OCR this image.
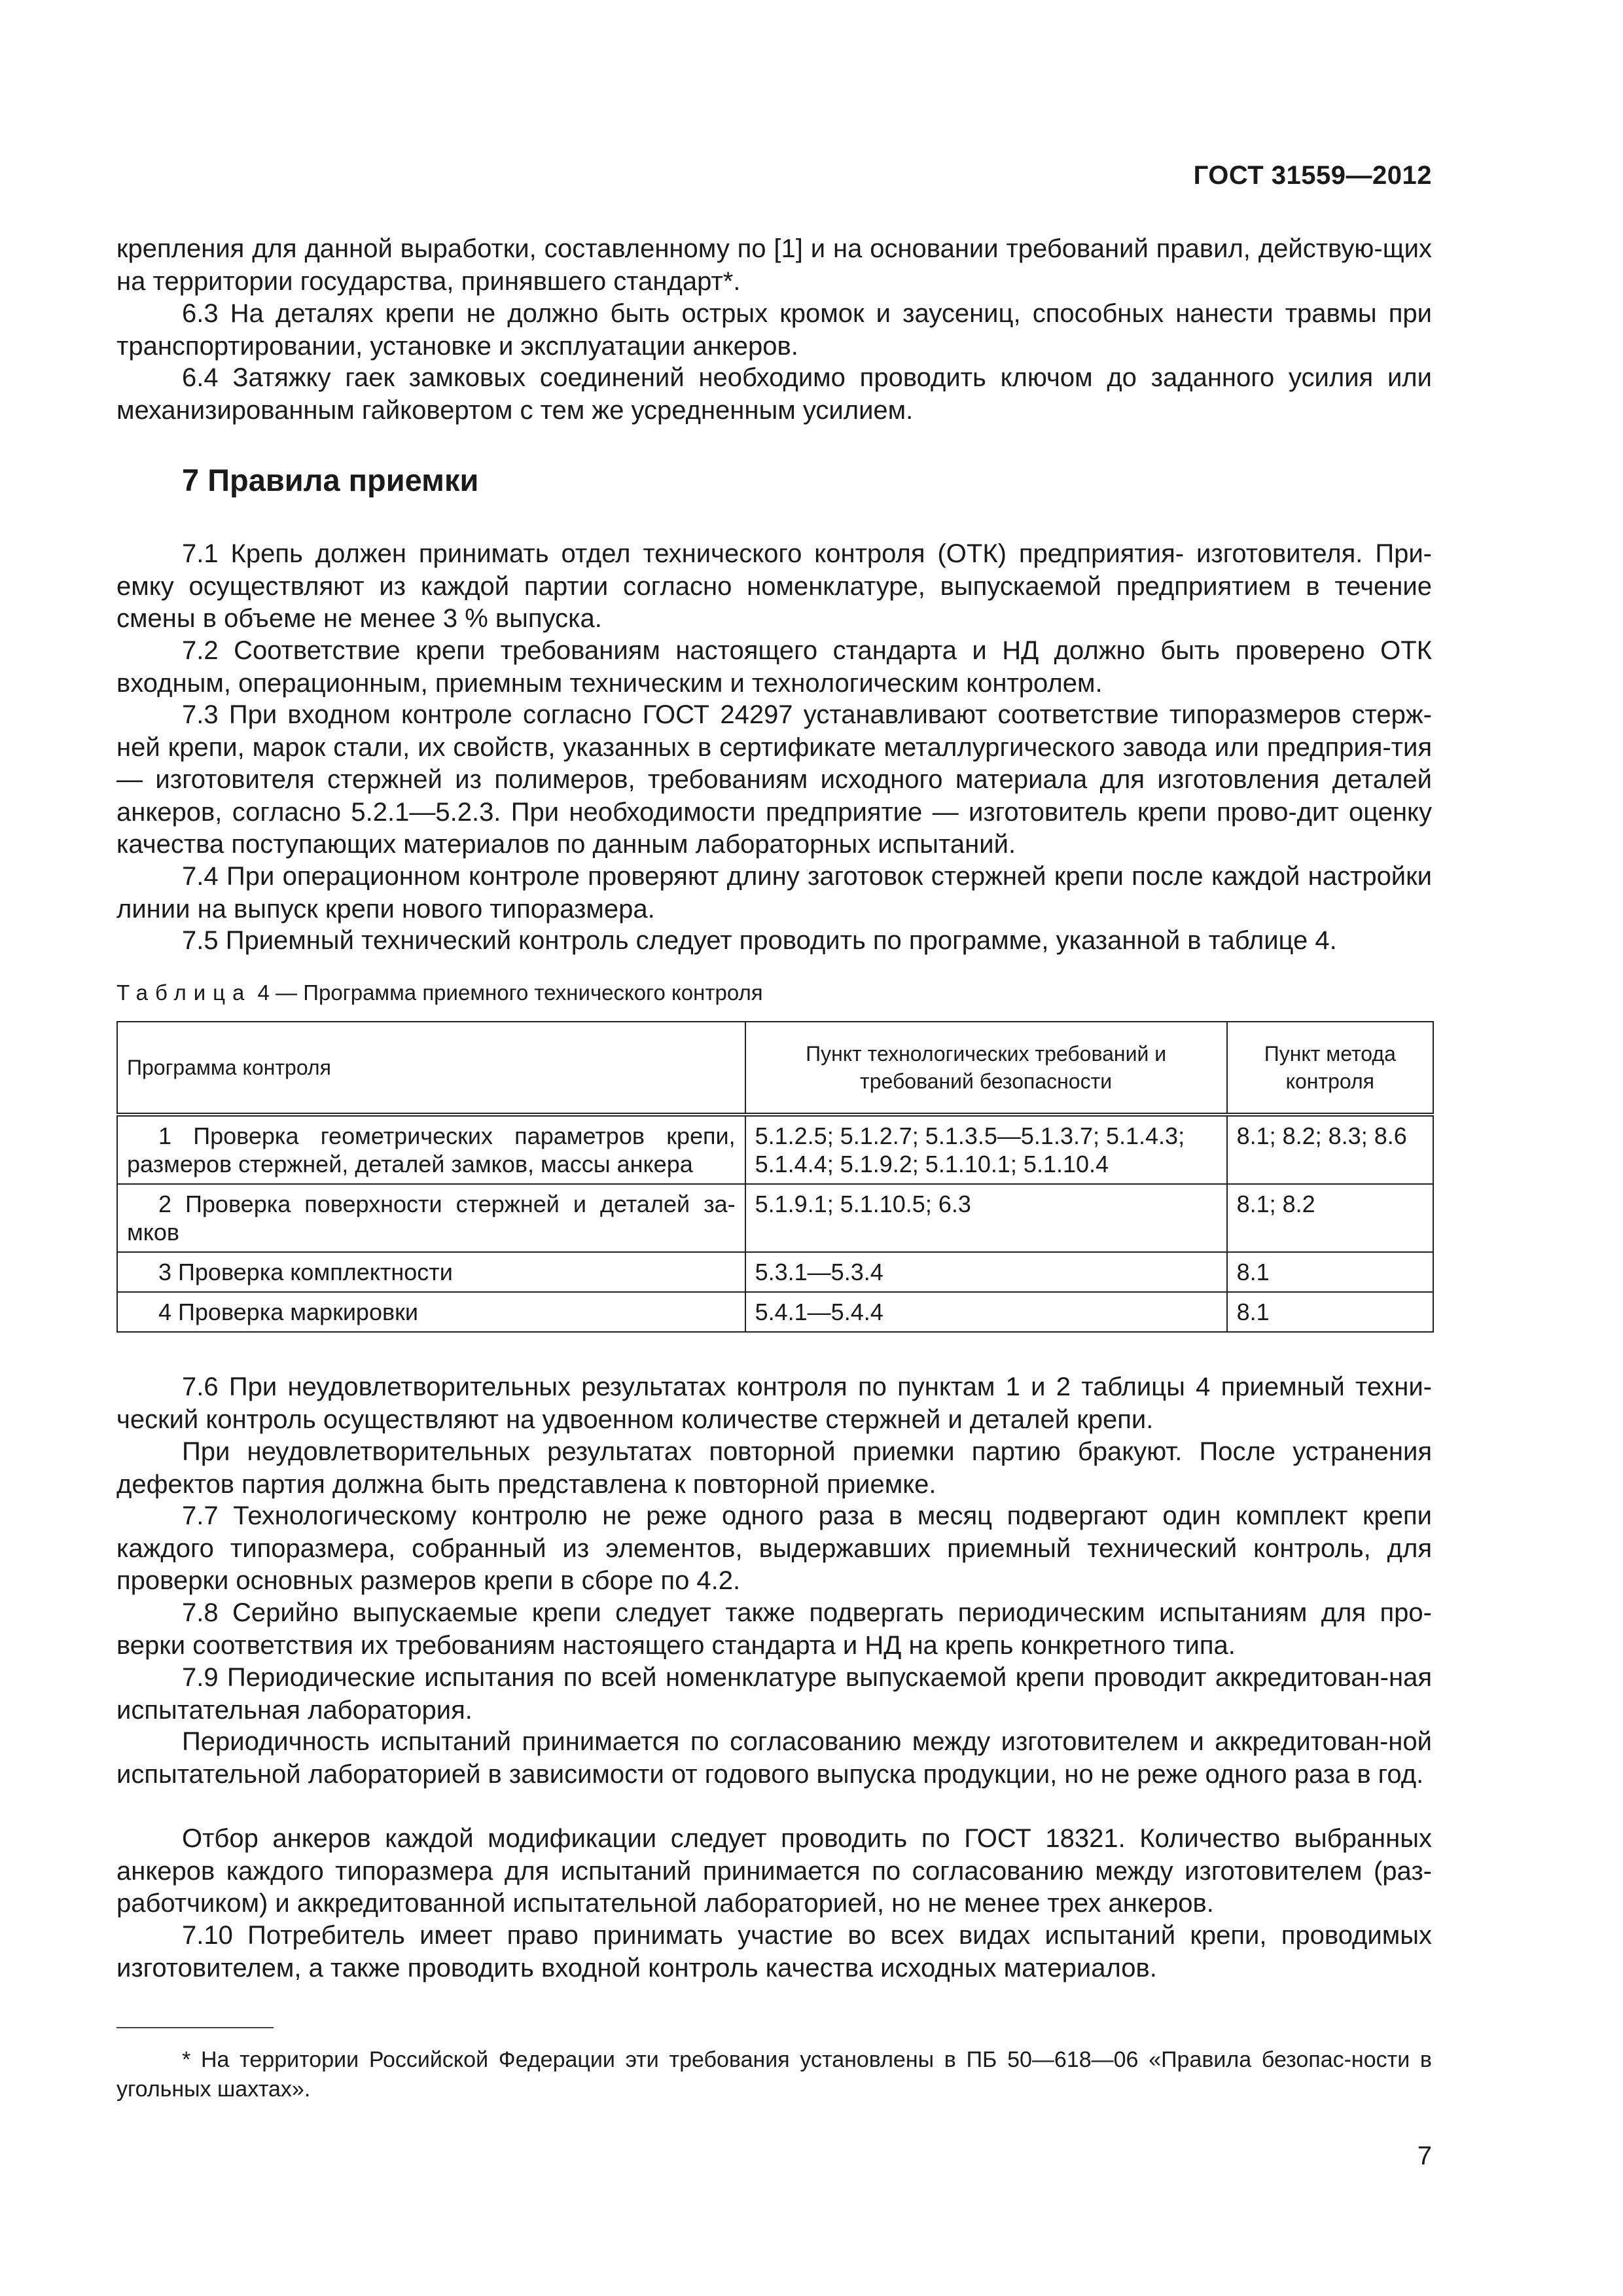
ГОСТ 31559—2012

крепления для данной выработки, составленному по [1] и на основании требований правил, действую-щих на территории государства, принявшего стандарт*.

6.3 На деталях крепи не должно быть острых кромок и заусениц, способных нанести травмы при транспортировании, установке и эксплуатации анкеров.

6.4 Затяжку гаек замковых соединений необходимо проводить ключом до заданного усилия или механизированным гайковертом с тем же усредненным усилием.

7 Правила приемки

7.1 Крепь должен принимать отдел технического контроля (ОТК) предприятия- изготовителя. При-емку осуществляют из каждой партии согласно номенклатуре, выпускаемой предприятием в течение смены в объеме не менее 3 % выпуска.

7.2 Соответствие крепи требованиям настоящего стандарта и НД должно быть проверено ОТК входным, операционным, приемным техническим и технологическим контролем.

7.3 При входном контроле согласно ГОСТ 24297 устанавливают соответствие типоразмеров стерж-ней крепи, марок стали, их свойств, указанных в сертификате металлургического завода или предприя-тия — изготовителя стержней из полимеров, требованиям исходного материала для изготовления деталей анкеров, согласно 5.2.1—5.2.3. При необходимости предприятие — изготовитель крепи прово-дит оценку качества поступающих материалов по данным лабораторных испытаний.

7.4 При операционном контроле проверяют длину заготовок стержней крепи после каждой настройки линии на выпуск крепи нового типоразмера.

7.5 Приемный технический контроль следует проводить по программе, указанной в таблице 4.

Таблица 4 — Программа приемного технического контроля
Программа контроля	Пункт технологических требований и требований безопасности	Пункт метода контроля
1 Проверка геометрических параметров крепи, размеров стержней, деталей замков, массы анкера	5.1.2.5; 5.1.2.7; 5.1.3.5—5.1.3.7; 5.1.4.3; 5.1.4.4; 5.1.9.2; 5.1.10.1; 5.1.10.4	8.1; 8.2; 8.3; 8.6
2 Проверка поверхности стержней и деталей за-мков	5.1.9.1; 5.1.10.5; 6.3	8.1; 8.2
3 Проверка комплектности	5.3.1—5.3.4	8.1
4 Проверка маркировки	5.4.1—5.4.4	8.1

7.6 При неудовлетворительных результатах контроля по пунктам 1 и 2 таблицы 4 приемный техни-ческий контроль осуществляют на удвоенном количестве стержней и деталей крепи.

При неудовлетворительных результатах повторной приемки партию бракуют. После устранения дефектов партия должна быть представлена к повторной приемке.

7.7 Технологическому контролю не реже одного раза в месяц подвергают один комплект крепи каждого типоразмера, собранный из элементов, выдержавших приемный технический контроль, для проверки основных размеров крепи в сборе по 4.2.

7.8 Серийно выпускаемые крепи следует также подвергать периодическим испытаниям для про-верки соответствия их требованиям настоящего стандарта и НД на крепь конкретного типа.

7.9 Периодические испытания по всей номенклатуре выпускаемой крепи проводит аккредитован-ная испытательная лаборатория.

Периодичность испытаний принимается по согласованию между изготовителем и аккредитован-ной испытательной лабораторией в зависимости от годового выпуска продукции, но не реже одного раза в год.

Отбор анкеров каждой модификации следует проводить по ГОСТ 18321. Количество выбранных анкеров каждого типоразмера для испытаний принимается по согласованию между изготовителем (раз-работчиком) и аккредитованной испытательной лабораторией, но не менее трех анкеров.

7.10 Потребитель имеет право принимать участие во всех видах испытаний крепи, проводимых изготовителем, а также проводить входной контроль качества исходных материалов.

* На территории Российской Федерации эти требования установлены в ПБ 50—618—06 «Правила безопас-ности в угольных шахтах».
7
